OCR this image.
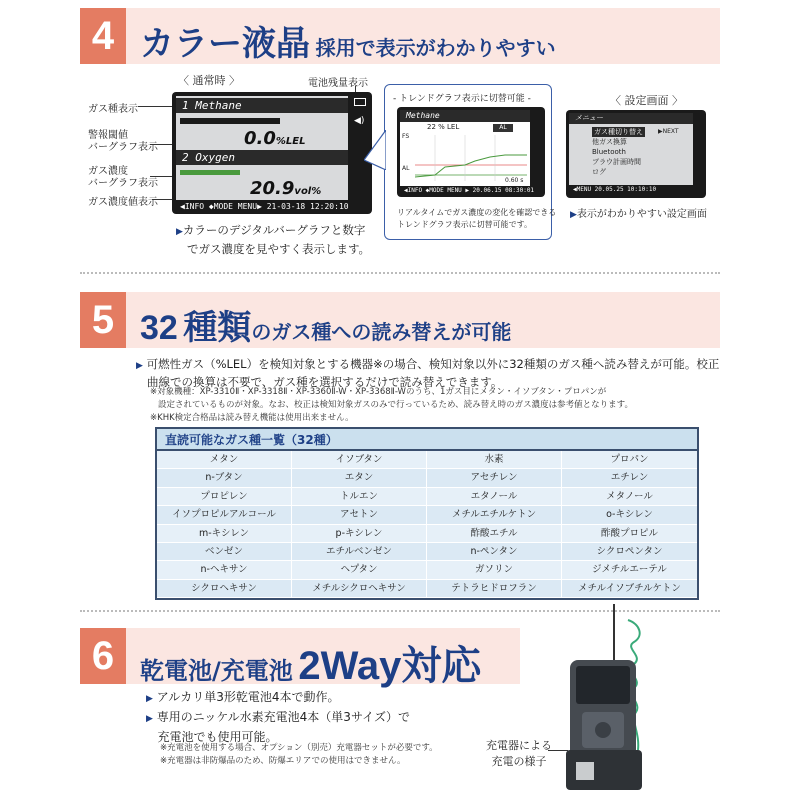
4 カラー液晶 採用で表示がわかりやすい
〈 通常時 〉	電池残量表示
ガス種表示
警報閾値
バーグラフ表示
ガス濃度
バーグラフ表示
ガス濃度値表示
1 Methane
0.0%LEL
2 Oxygen
20.9vol%
◀INFO ◆MODE MENU▶ 21-03-18 12:20:10
◀)
▶カラーのデジタルバーグラフと数字
でガス濃度を見やすく表示します。
- トレンドグラフ表示に切替可能 -
Methane
22 % LEL	AL
FS
AL
0.60 s
◀INFO ◆MODE MENU ▶ 20.06.15 08:30:01
リアルタイムでガス濃度の変化を確認できる
トレンドグラフ表示に切替可能です。
〈 設定画面 〉
メニュー
ガス種切り替え
他ガス換算
Bluetooth
ブラウ計画時間
ログ
▶NEXT
◀MENU 20.05.25 10:10:10
▶表示がわかりやすい設定画面
5 32 種類のガス種への読み替えが可能
▶ 可燃性ガス（%LEL）を検知対象とする機器※の場合、検知対象以外に32種類のガス種へ読み替えが可能。校正
曲線での換算は不要で、ガス種を選択するだけで読み替えできます。
※対象機種：XP-3310Ⅱ・XP-3318Ⅱ・XP-3360Ⅱ-W・XP-3368Ⅱ-Wのうち、1ガス目にメタン・イソブタン・プロパンが
設定されているものが対象。なお、校正は検知対象ガスのみで行っているため、読み替え時のガス濃度は参考値となります。
※KHK検定合格品は読み替え機能は使用出来ません。
直読可能なガス種一覧（32種）
メタン	イソブタン	水素	プロパン
n-ブタン	エタン	アセチレン	エチレン
プロピレン	トルエン	エタノール	メタノール
イソプロピルアルコール	アセトン	メチルエチルケトン	o-キシレン
m-キシレン	p-キシレン	酢酸エチル	酢酸プロピル
ベンゼン	エチルベンゼン	n-ペンタン	シクロペンタン
n-ヘキサン	ヘプタン	ガソリン	ジメチルエーテル
シクロヘキサン	メチルシクロヘキサン	テトラヒドロフラン	メチルイソブチルケトン
6	乾電池/充電池 2Way対応
▶ アルカリ単3形乾電池4本で動作。
▶ 専用のニッケル水素充電池4本（単3サイズ）で
充電池でも使用可能。
※充電池を使用する場合、オプション（別売）充電器セットが必要です。
※充電器は非防爆品のため、防爆エリアでの使用はできません。
充電器による
充電の様子
